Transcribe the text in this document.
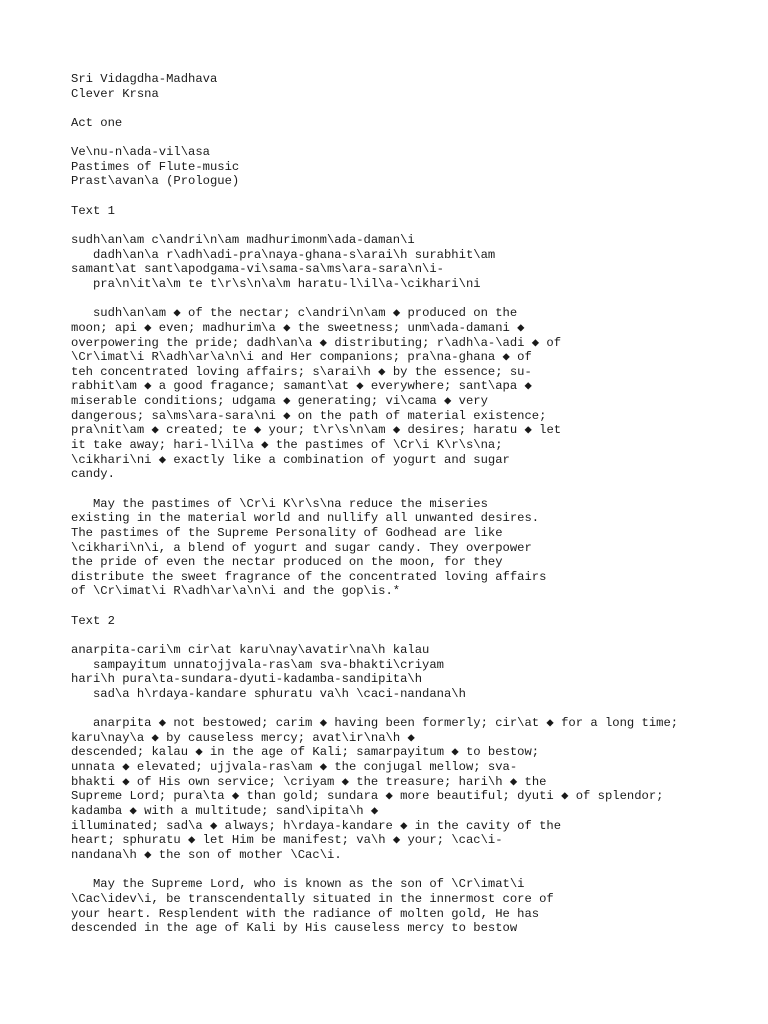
Sri Vidagdha-Madhava
Clever Krsna
Act one
Ve\nu-n\ada-vil\asa
Pastimes of Flute-music
Prast\avan\a (Prologue)
Text 1
sudh\an\am c\andri\n\am madhurimonm\ada-daman\i
dadh\an\a r\adh\adi-pra\naya-ghana-s\arai\h surabhit\am
samant\at sant\apodgama-vi\sama-sa\ms\ara-sara\n\i-
pra\n\it\a\m te t\r\s\n\a\m haratu-l\il\a-\cikhari\ni
sudh\an\am ◆ of the nectar; c\andri\n\am ◆ produced on the
moon; api ◆ even; madhurim\a ◆ the sweetness; unm\ada-damani ◆
overpowering the pride; dadh\an\a ◆ distributing; r\adh\a-\adi ◆ of
\Cr\imat\i R\adh\ar\a\n\i and Her companions; pra\na-ghana ◆ of
teh concentrated loving affairs; s\arai\h ◆ by the essence; su-
rabhit\am ◆ a good fragance; samant\at ◆ everywhere; sant\apa ◆
miserable conditions; udgama ◆ generating; vi\cama ◆ very
dangerous; sa\ms\ara-sara\ni ◆ on the path of material existence;
pra\nit\am ◆ created; te ◆ your; t\r\s\n\am ◆ desires; haratu ◆ let
it take away; hari-l\il\a ◆ the pastimes of \Cr\i K\r\s\na;
\cikhari\ni ◆ exactly like a combination of yogurt and sugar
candy.
May the pastimes of \Cr\i K\r\s\na reduce the miseries
existing in the material world and nullify all unwanted desires.
The pastimes of the Supreme Personality of Godhead are like
\cikhari\n\i, a blend of yogurt and sugar candy. They overpower
the pride of even the nectar produced on the moon, for they
distribute the sweet fragrance of the concentrated loving affairs
of \Cr\imat\i R\adh\ar\a\n\i and the gop\is.*
Text 2
anarpita-cari\m cir\at karu\nay\avatir\na\h kalau
sampayitum unnatojjvala-ras\am sva-bhakti\criyam
hari\h pura\ta-sundara-dyuti-kadamba-sandipita\h
sad\a h\rdaya-kandare sphuratu va\h \caci-nandana\h
anarpita ◆ not bestowed; carim ◆ having been formerly; cir\at ◆ for a long time;
karu\nay\a ◆ by causeless mercy; avat\ir\na\h ◆
descended; kalau ◆ in the age of Kali; samarpayitum ◆ to bestow;
unnata ◆ elevated; ujjvala-ras\am ◆ the conjugal mellow; sva-
bhakti ◆ of His own service; \criyam ◆ the treasure; hari\h ◆ the
Supreme Lord; pura\ta ◆ than gold; sundara ◆ more beautiful; dyuti ◆ of splendor;
kadamba ◆ with a multitude; sand\ipita\h ◆
illuminated; sad\a ◆ always; h\rdaya-kandare ◆ in the cavity of the
heart; sphuratu ◆ let Him be manifest; va\h ◆ your; \cac\i-
nandana\h ◆ the son of mother \Cac\i.
May the Supreme Lord, who is known as the son of \Cr\imat\i
\Cac\idev\i, be transcendentally situated in the innermost core of
your heart. Resplendent with the radiance of molten gold, He has
descended in the age of Kali by His causeless mercy to bestow
